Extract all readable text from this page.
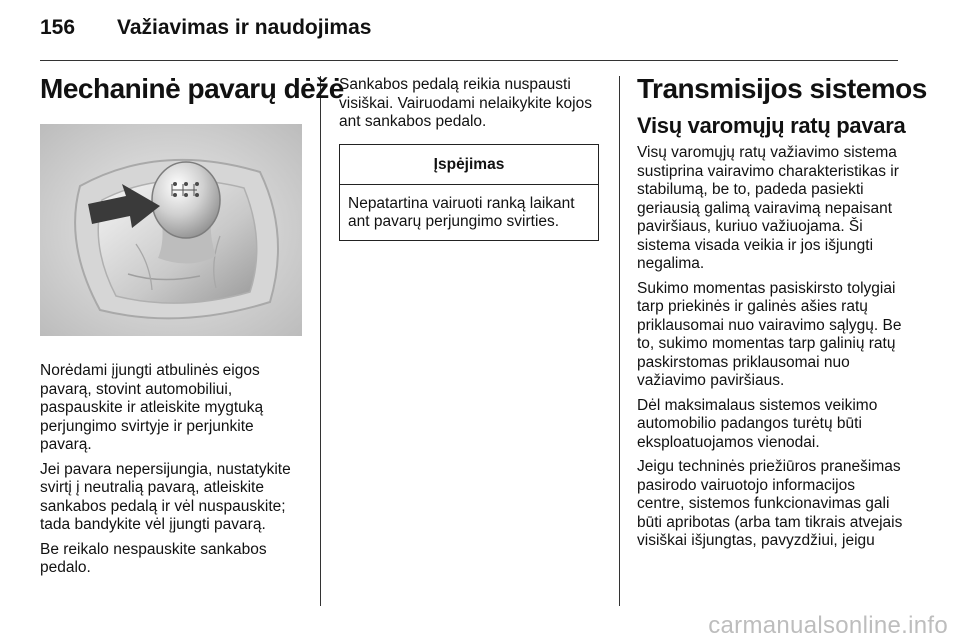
156 Važiavimas ir naudojimas
Mechaninė pavarų dėžė

Norėdami įjungti atbulinės eigos pavarą, stovint automobiliui, paspauskite ir atleiskite mygtuką perjungimo svirtyje ir perjunkite pavarą.

Jei pavara nepersijungia, nustatykite svirtį į neutralią pavarą, atleiskite sankabos pedalą ir vėl nuspauskite; tada bandykite vėl įjungti pavarą.

Be reikalo nespauskite sankabos pedalo.

Sankabos pedalą reikia nuspausti visiškai. Vairuodami nelaikykite kojos ant sankabos pedalo.

Įspėjimas
Nepatartina vairuoti ranką laikant ant pavarų perjungimo svirties.
Transmisijos sistemos
Visų varomųjų ratų pavara

Visų varomųjų ratų važiavimo sistema sustiprina vairavimo charakteristikas ir stabilumą, be to, padeda pasiekti geriausią galimą vairavimą nepaisant paviršiaus, kuriuo važiuojama. Ši sistema visada veikia ir jos išjungti negalima.

Sukimo momentas pasiskirsto tolygiai tarp priekinės ir galinės ašies ratų priklausomai nuo vairavimo sąlygų. Be to, sukimo momentas tarp galinių ratų paskirstomas priklausomai nuo važiavimo paviršiaus.

Dėl maksimalaus sistemos veikimo automobilio padangos turėtų būti eksploatuojamos vienodai.

Jeigu techninės priežiūros pranešimas pasirodo vairuotojo informacijos centre, sistemos funkcionavimas gali būti apribotas (arba tam tikrais atvejais visiškai išjungtas, pavyzdžiui, jeigu

carmanualsonline.info
